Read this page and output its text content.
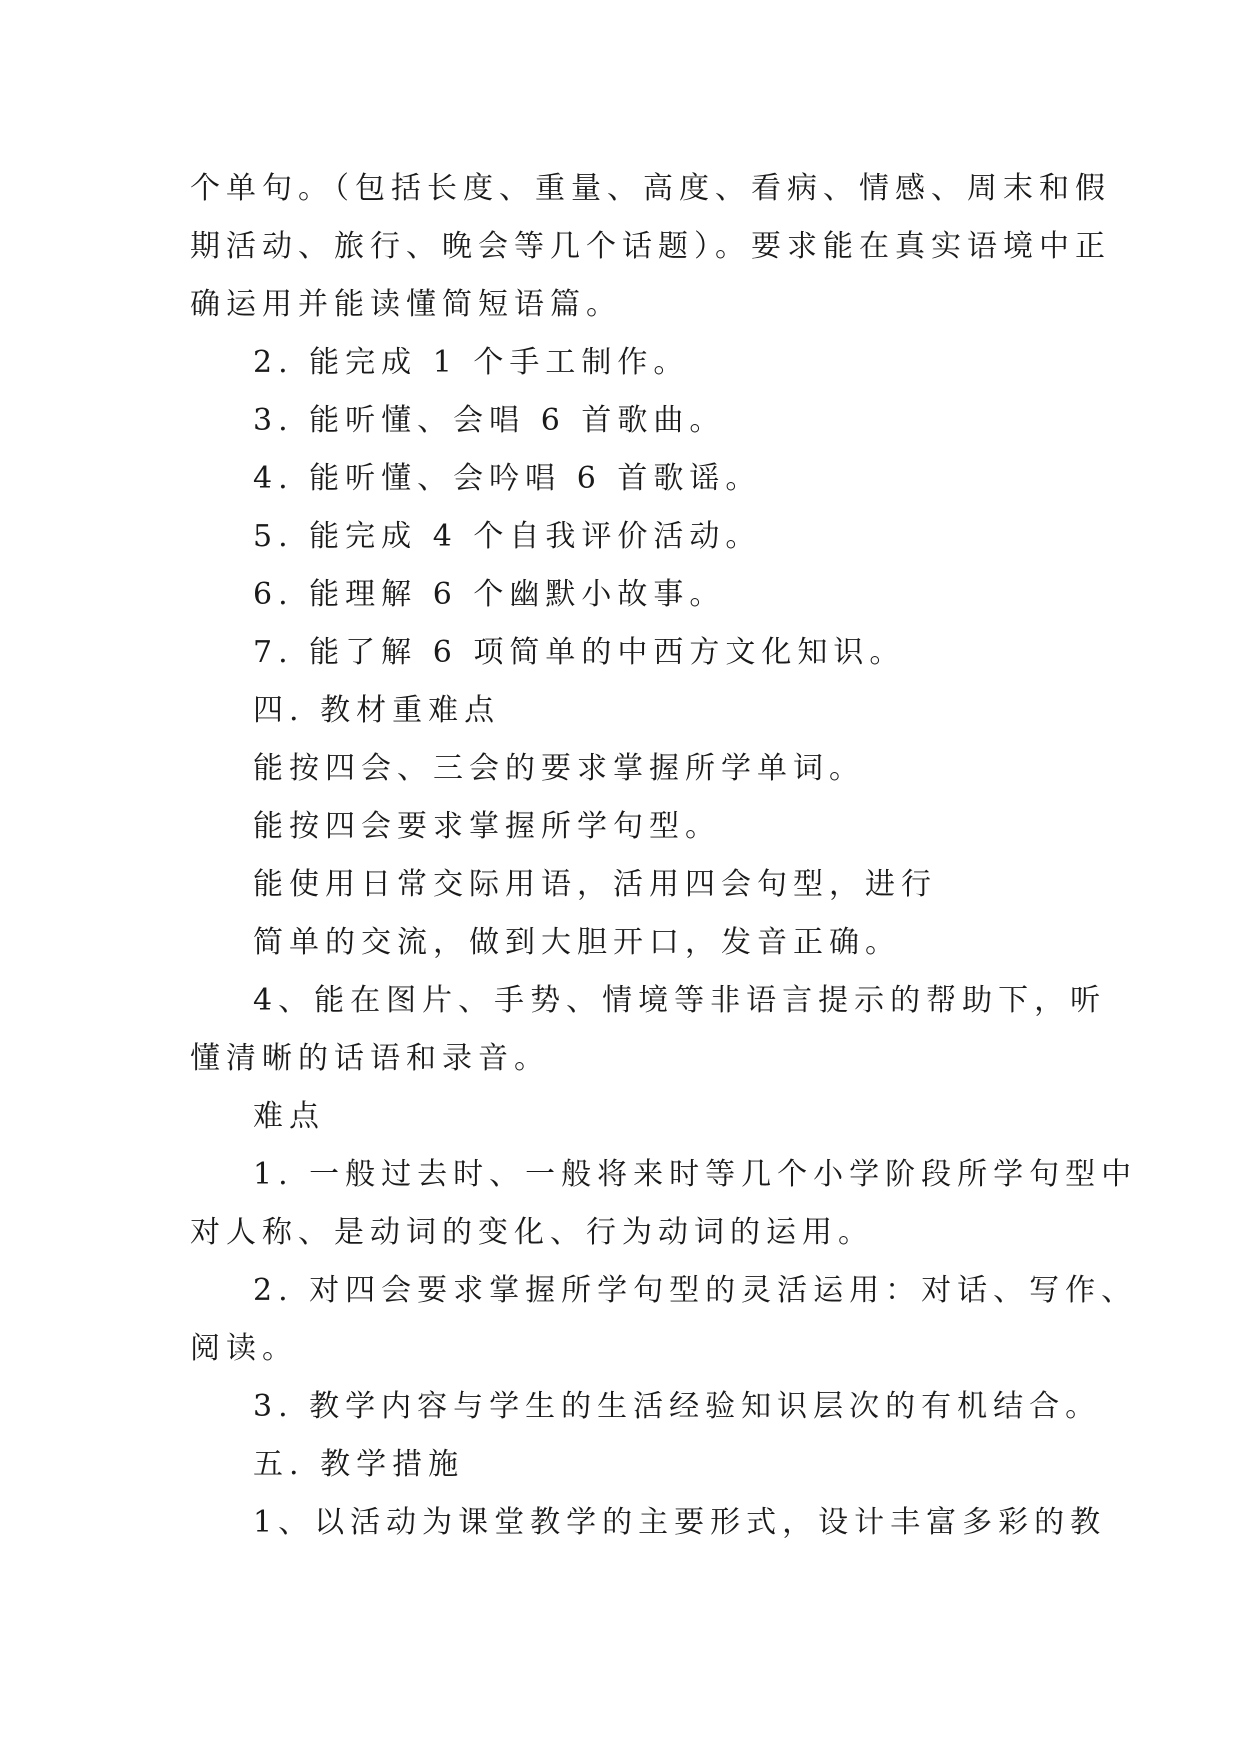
个单句。（包括长度、重量、高度、看病、情感、周末和假
期活动、旅行、晚会等几个话题）。要求能在真实语境中正
确运用并能读懂简短语篇。
2. 能完成 1 个手工制作。
3. 能听懂、会唱 6 首歌曲。
4. 能听懂、会吟唱 6 首歌谣。
5. 能完成 4 个自我评价活动。
6. 能理解 6 个幽默小故事。
7. 能了解 6 项简单的中西方文化知识。
四. 教材重难点
能按四会、三会的要求掌握所学单词。
能按四会要求掌握所学句型。
能使用日常交际用语，活用四会句型，进行
简单的交流，做到大胆开口，发音正确。
4、能在图片、手势、情境等非语言提示的帮助下，听
懂清晰的话语和录音。
难点
1. 一般过去时、一般将来时等几个小学阶段所学句型中
对人称、是动词的变化、行为动词的运用。
2. 对四会要求掌握所学句型的灵活运用：对话、写作、
阅读。
3. 教学内容与学生的生活经验知识层次的有机结合。
五. 教学措施
1、以活动为课堂教学的主要形式，设计丰富多彩的教
